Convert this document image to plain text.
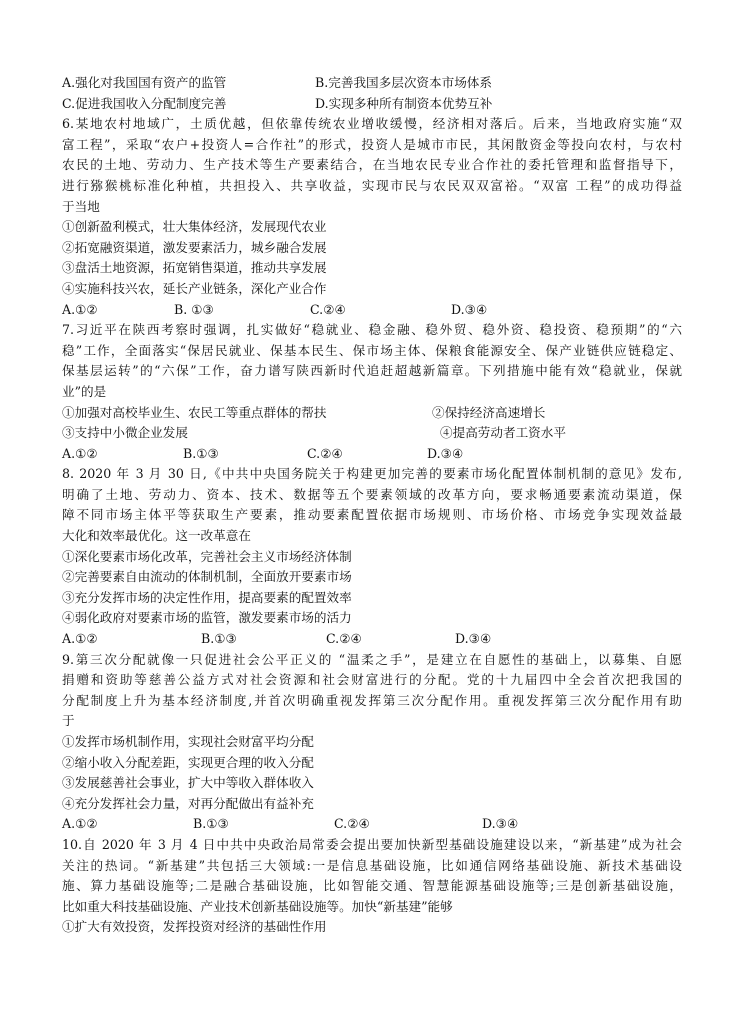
A.强化对我国国有资产的监管	B.完善我国多层次资本市场体系
C.促进我国收入分配制度完善	D.实现多种所有制资本优势互补
6.某地农村地域广，土质优越，但依靠传统农业增收缓慢，经济相对落后。后来，当地政府实施“双
富工程”，采取“农户+投资人=合作社”的形式，投资人是城市市民，其闲散资金等投向农村，与农村
农民的土地、劳动力、生产技术等生产要素结合，在当地农民专业合作社的委托管理和监督指导下，
进行猕猴桃标准化种植，共担投入、共享收益，实现市民与农民双双富裕。“双富 工程”的成功得益
于当地
①创新盈利模式，壮大集体经济，发展现代农业
②拓宽融资渠道，激发要素活力，城乡融合发展
③盘活土地资源，拓宽销售渠道，推动共享发展
④实施科技兴农，延长产业链条，深化产业合作
A.①②	B. ①③	C.②④	D.③④
7.习近平在陕西考察时强调，扎实做好“稳就业、稳金融、稳外贸、稳外资、稳投资、稳预期”的“六
稳”工作，全面落实“保居民就业、保基本民生、保市场主体、保粮食能源安全、保产业链供应链稳定、
保基层运转”的“六保”工作，奋力谱写陕西新时代追赶超越新篇章。下列措施中能有效“稳就业，保就
业”的是
①加强对高校毕业生、农民工等重点群体的帮扶	②保持经济高速增长
③支持中小微企业发展	④提高劳动者工资水平
A.①②	B.①③	C.②④	D.③④
8. 2020 年 3 月 30 日,《中共中央国务院关于构建更加完善的要素市场化配置体制机制的意见》发布,
明确了土地、劳动力、资本、技术、数据等五个要素领域的改革方向，要求畅通要素流动渠道，保
障不同市场主体平等获取生产要素，推动要素配置依据市场规则、市场价格、市场竞争实现效益最
大化和效率最优化。这一改革意在
①深化要素市场化改革，完善社会主义市场经济体制
②完善要素自由流动的体制机制，全面放开要素市场
③充分发挥市场的决定性作用，提高要素的配置效率
④弱化政府对要素市场的监管，激发要素市场的活力
A.①②	B.①③	C.②④	D.③④
9.第三次分配就像一只促进社会公平正义的 “温柔之手”，是建立在自愿性的基础上，以募集、自愿
捐赠和资助等慈善公益方式对社会资源和社会财富进行的分配。党的十九届四中全会首次把我国的
分配制度上升为基本经济制度,并首次明确重视发挥第三次分配作用。重视发挥第三次分配作用有助
于
①发挥市场机制作用，实现社会财富平均分配
②缩小收入分配差距，实现更合理的收入分配
③发展慈善社会事业，扩大中等收入群体收入
④充分发挥社会力量，对再分配做出有益补充
A.①②	B.①③	C.②④	D.③④
10.自 2020 年 3 月 4 日中共中央政治局常委会提出要加快新型基础设施建设以来，“新基建”成为社会
关注的热词。“新基建”共包括三大领域:一是信息基础设施，比如通信网络基础设施、新技术基础设
施、算力基础设施等;二是融合基础设施，比如智能交通、智慧能源基础设施等;三是创新基础设施，
比如重大科技基础设施、产业技术创新基础设施等。加快“新基建”能够
①扩大有效投资，发挥投资对经济的基础性作用
